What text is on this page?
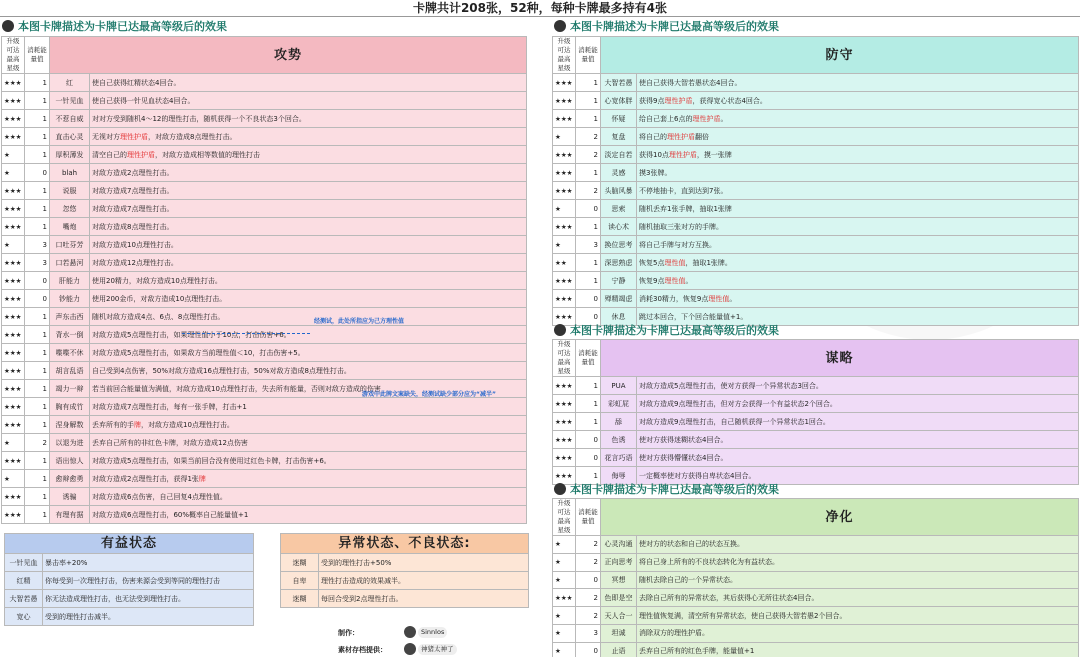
卡牌共计208张，52种，每种卡牌最多持有4张
本图卡牌描述为卡牌已达最高等级后的效果
升级可达最高星级	消耗能量值	攻势	
★★★	1	红	使自己获得红精状态4回合。
★★★	1	一针见血	使自己获得一针见血状态4回合。
★★★	1	不惹自威	对对方受到随机4～12的理性打击，随机获得一个不良状态3个回合。
★★★	1	直击心灵	无视对方理性护盾，对敌方造成8点理性打击。
★	1	厚积薄发	清空自己的理性护盾，对敌方造成相等数值的理性打击
★	0	blah	对敌方造成2点理性打击。
★★★	1	说服	对敌方造成7点理性打击。
★★★	1	忽悠	对敌方造成7点理性打击。
★★★	1	嘴炮	对敌方造成8点理性打击。
★	3	口吐芬芳	对敌方造成10点理性打击。
★★★	3	口若悬河	对敌方造成12点理性打击。
★★★	0	肝能力	使用20精力，对敌方造成10点理性打击。
★★★	0	钞能力	使用200金币，对敌方造成10点理性打击。
★★★	1	声东击西	随机对敌方造成4点、6点、8点理性打击。
★★★	1	背水一倒	对敌方造成5点理性打击，如果理性值小于10点，打击伤害+6。
★★★	1	喋喋不休	对敌方造成5点理性打击，如果敌方当前理性值＜10，打击伤害+5。
★★★	1	胡言乱语	自己受到4点伤害，50%对敌方造成16点理性打击，50%对敌方造成8点理性打击。
★★★	1	竭力一辩	若当前回合能量值为满值，对敌方造成10点理性打击，失去所有能量，否则对敌方造成的伤害
★★★	1	胸有成竹	对敌方造成7点理性打击，每有一张手牌，打击+1
★★★	1	涅身解数	丢弃所有的手牌，对敌方造成10点理性打击。
★	2	以退为进	丢弃自己所有的非红色卡牌，对敌方造成12点伤害
★★★	1	语出惊人	对敌方造成5点理性打击，如果当前回合没有使用过红色卡牌，打击伤害+6。
★	1	愈辩愈勇	对敌方造成2点理性打击，获得1张牌
★★★	1	诱骗	对敌方造成6点伤害，自己回复4点理性值。
★★★	1	有理有据	对敌方造成6点理性打击，60%概率自己能量值+1
经测试，此处所指应为己方理性值
游戏中此牌文案缺失，经测试缺少部分应为“减半”
有益状态	
一针见血	暴击率+20%
红精	你每受到一次理性打击，伤害来源会受到等同的理性打击
大智若愚	你无法造成理性打击，也无法受到理性打击。
宽心	受到的理性打击减半。
异常状态、不良状态:	
迷糊	受到的理性打击+50%
自卑	理性打击造成的效果减半。
迷糊	每回合受到2点理性打击。
制作：	Sinnlos
素材存档提供：	神猪太神了
本图卡牌描述为卡牌已达最高等级后的效果
升级可达最高星级	消耗能量值	防守	
★★★	1	大智若愚	使自己获得大智若愚状态4回合。
★★★	1	心宽体胖	获得9点理性护盾，获得宽心状态4回合。
★★★	1	怀疑	给自己套上6点的理性护盾。
★	2	复盘	将自己的理性护盾翻倍
★★★	2	淡定自若	获得10点理性护盾，摸一张牌
★★★	1	灵感	摸3张牌。
★★★	2	头脑风暴	不停地抽卡，直到达到7张。
★	0	思索	随机丢弃1张手牌，抽取1张牌
★★★	1	读心术	随机抽取三张对方的手牌。
★	3	换位思考	将自己手牌与对方互换。
★★	1	深思熟虑	恢复5点理性值，抽取1张牌。
★★★	1	宁静	恢复9点理性值。
★★★	0	殚精竭虑	消耗30精力，恢复9点理性值。
★★★	0	休息	跳过本回合，下个回合能量值+1。
本图卡牌描述为卡牌已达最高等级后的效果
升级可达最高星级	消耗能量值	谋略	
★★★	1	PUA	对敌方造成5点理性打击，使对方获得一个异常状态3回合。
★★★	1	彩虹屁	对敌方造成9点理性打击，但对方会获得一个有益状态2个回合。
★★★	1	舔	对敌方造成9点理性打击，自己随机获得一个异常状态1回合。
★★★	0	色诱	使对方获得迷糊状态4回合。
★★★	0	花言巧语	使对方获得懵懂状态4回合。
★★★	1	侮辱	一定概率使对方获得自卑状态4回合。
本图卡牌描述为卡牌已达最高等级后的效果
升级可达最高星级	消耗能量值	净化	
★	2	心灵沟通	使对方的状态和自己的状态互换。
★	2	正向思考	将自己身上所有的不良状态转化为有益状态。
★	0	冥想	随机去除自己的一个异常状态。
★★★	2	色即是空	去除自己所有的异常状态，其后获得心无所往状态4回合。
★	2	天人合一	理性值恢复满，清空所有异常状态，使自己获得大智若愚2个回合。
★	3	坦诚	消除双方的理性护盾。
★	0	止语	丢弃自己所有的红色手牌，能量值+1
